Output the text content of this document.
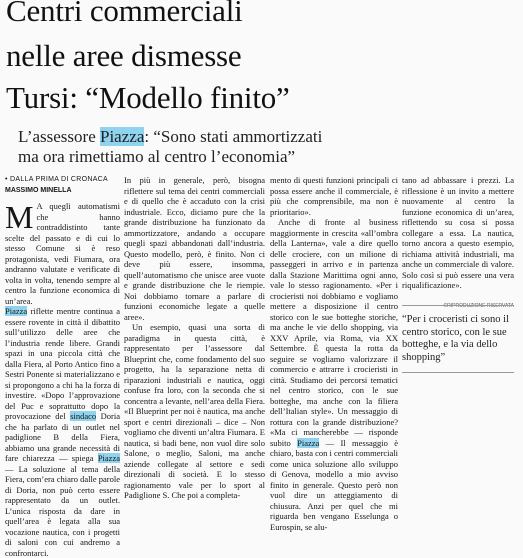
Centri commerciali
nelle aree dismesse
Tursi: “Modello finito”
L’assessore Piazza: “Sono stati ammortizzati
ma ora rimettiamo al centro l’economia”
• DALLA PRIMA DI CRONACA
MASSIMO MINELLA

M A quegli automatismi che hanno contraddistinto tante scelte del passato e di cui lo stesso Comune si è reso protagonista, vedi Fiumara, ora andranno valutate e verificate di volta in volta, tenendo sempre al centro la funzione economica di un’area.

Piazza riflette mentre continua a essere rovente in città il dibattito sull’utilizzo delle aree che l’industria rende libere. Grandi spazi in una piccola città che dalla Fiera, al Porto Antico fino a Sestri Ponente si materializzano e si propongono a chi ha la forza di investire. «Dopo l’approvazione del Puc e soprattutto dopo la provocazione del sindaco Doria che ha parlato di un outlet nel padiglione B della Fiera, abbiamo una grande necessità di fare chiarezza — spiega Piazza — La soluzione al tema della Fiera, com’era chiaro dalle parole di Doria, non può certo essere rappresentato da un outlet. L’unica risposta da dare in quell’area è legata alla sua vocazione nautica, con i progetti di saloni con cui andremo a confrontarci.

In più in generale, però, bisogna riflettere sul tema dei centri commerciali e di quello che è accaduto con la crisi industriale. Ecco, diciamo pure che la grande distribuzione ha funzionato da ammortizzatore, andando a occupare quegli spazi abbandonati dall’industria. Questo modello, però, è finito. Non ci deve più essere, insomma, quell’automatismo che unisce aree vuote e grande distribuzione che le riempie. Noi dobbiamo tornare a parlare di funzioni economiche legate a quelle aree».

Un esempio, quasi una sorta di paradigma in questa città, è rappresentato per l’assessore dal Blueprint che, come fondamento del suo progetto, ha la separazione netta di riparazioni industriali e nautica, oggi confuse fra loro, con la seconda che si concentra a levante, nell’area della Fiera. «Il Blueprint per noi è nautica, ma anche sport e centri direzionali – dice – Non vogliamo che diventi un’altra Fiumara. E nautica, si badi bene, non vuol dire solo Salone, o meglio, Saloni, ma anche aziende collegate al settore e sedi direzionali di società. E lo stesso ragionamento vale per lo sport al Padiglione S. Che poi a completa-

mento di questi funzioni principali ci possa essere anche il commerciale, è più che comprensibile, ma non è prioritario».

Anche di fronte al business maggiormente in crescita «all’ombra della Lanterna», vale a dire quello delle crociere, con un milione di passeggeri in arrivo e in partenza dalla Stazione Marittima ogni anno, vale lo stesso ragionamento. «Per i crocieristi noi dobbiamo e vogliamo mettere a disposizione il centro storico con le sue botteghe storiche, ma anche le vie dello shopping, via XXV Aprile, via Roma, via XX Settembre. È questa la rotta da seguire se vogliamo valorizzare il commercio e attrarre i crocieristi in città. Studiamo dei percorsi tematici nel centro storico, con le sue botteghe, ma anche con la filiera dell’Italian style». Un messaggio di rottura con la grande distribuzione? «Ma ci mancherebbe — risponde subito Piazza — Il messaggio è chiaro, basta con i centri commerciali come unica soluzione allo sviluppo di Genova, modello a mio avviso finito in generale. Questo però non vuol dire un atteggiamento di chiusura. Anzi per quel che mi riguarda ben vengano Esselunga o Eurospin, se alu-

tano ad abbassare i prezzi. La riflessione è un invito a mettere nuovamente al centro la funzione economica di un’area, riflettendo su cosa si possa collegare a essa. La nautica, torno ancora a questo esempio, richiama attività industriali, ma anche un commerciale di valore. Solo così si può essere una vera riqualificazione».

©RIPRODUZIONE RISERVATA
“Per i croceristi ci sono il centro storico, con le sue botteghe, e la via dello shopping”
